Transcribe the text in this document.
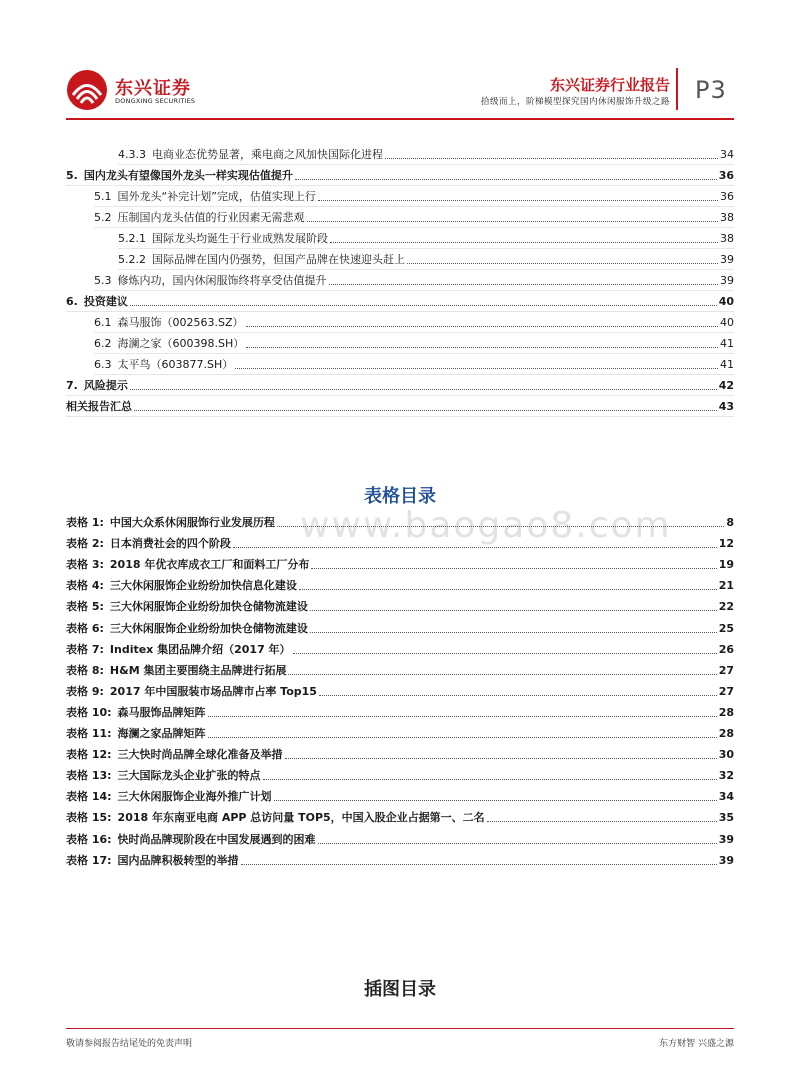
东兴证券
DONGXING SECURITIES
东兴证券行业报告
拾级而上，阶梯模型探究国内休闲服饰升级之路 P3
4.3.3 电商业态优势显著，乘电商之风加快国际化进程	34
5. 国内龙头有望像国外龙头一样实现估值提升	36
5.1 国外龙头“补完计划”完成，估值实现上行	36
5.2 压制国内龙头估值的行业因素无需悲观	38
5.2.1 国际龙头均诞生于行业成熟发展阶段	38
5.2.2 国际品牌在国内仍强势，但国产品牌在快速迎头赶上	39
5.3 修炼内功，国内休闲服饰终将享受估值提升	39
6. 投资建议	40
6.1 森马服饰（002563.SZ）	40
6.2 海澜之家（600398.SH）	41
6.3 太平鸟（603877.SH）	41
7. 风险提示	42
相关报告汇总	43
www.baogao8.com
表格目录
表格 1: 中国大众系休闲服饰行业发展历程	8
表格 2: 日本消费社会的四个阶段	12
表格 3: 2018 年优衣库成衣工厂和面料工厂分布	19
表格 4: 三大休闲服饰企业纷纷加快信息化建设	21
表格 5: 三大休闲服饰企业纷纷加快仓储物流建设	22
表格 6: 三大休闲服饰企业纷纷加快仓储物流建设	25
表格 7: Inditex 集团品牌介绍（2017 年）	26
表格 8: H&M 集团主要围绕主品牌进行拓展	27
表格 9: 2017 年中国服装市场品牌市占率 Top15	27
表格 10: 森马服饰品牌矩阵	28
表格 11: 海澜之家品牌矩阵	28
表格 12: 三大快时尚品牌全球化准备及举措	30
表格 13: 三大国际龙头企业扩张的特点	32
表格 14: 三大休闲服饰企业海外推广计划	34
表格 15: 2018 年东南亚电商 APP 总访问量 TOP5，中国入股企业占据第一、二名	35
表格 16: 快时尚品牌现阶段在中国发展遇到的困难	39
表格 17: 国内品牌积极转型的举措	39
插图目录
敬请参阅报告结尾处的免责声明	东方财智 兴盛之源
